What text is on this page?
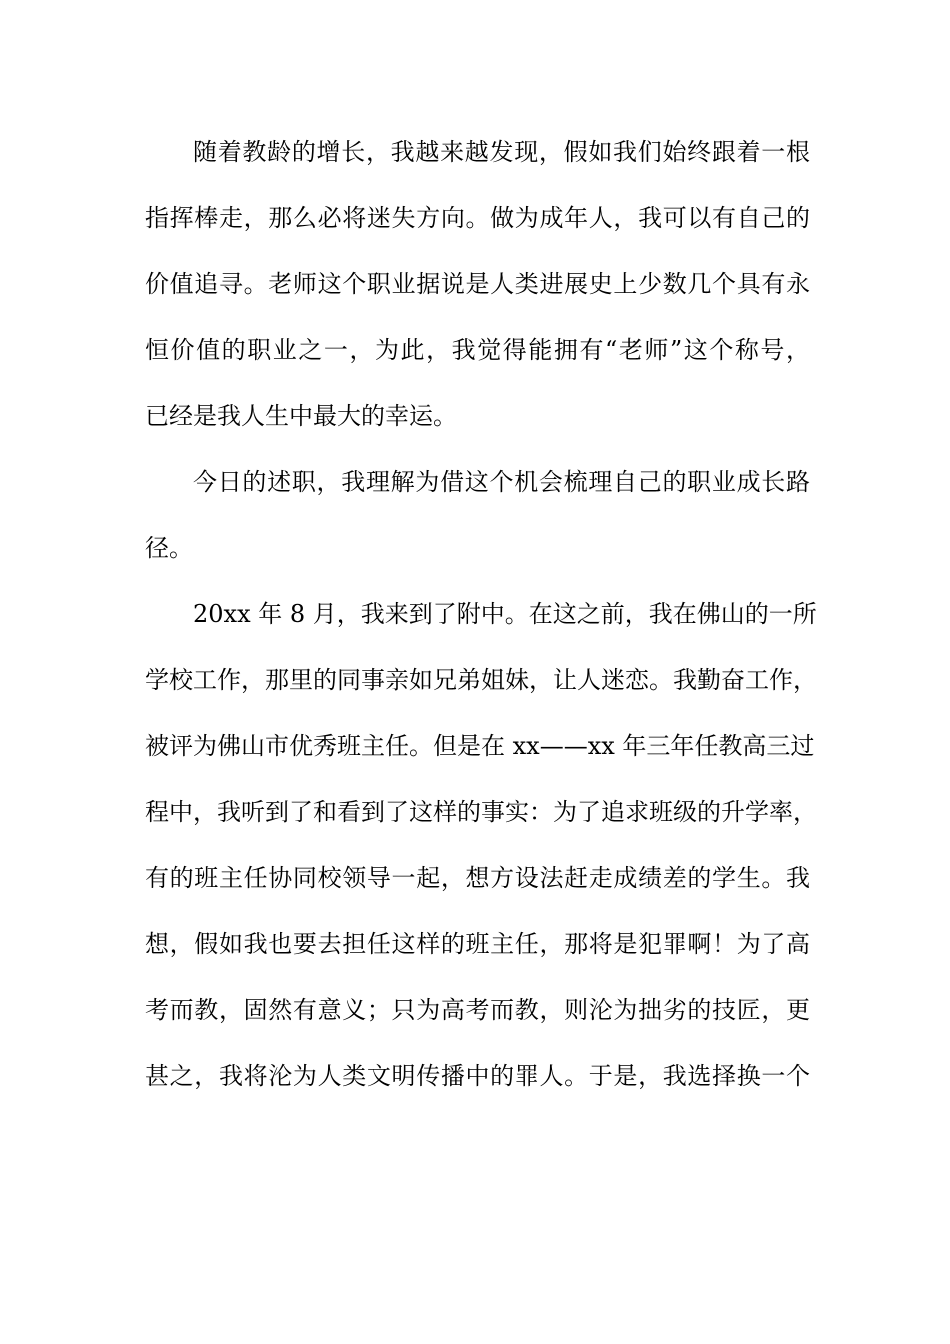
随着教龄的增长，我越来越发现，假如我们始终跟着一根
指挥棒走，那么必将迷失方向。做为成年人，我可以有自己的
价值追寻。老师这个职业据说是人类进展史上少数几个具有永
恒价值的职业之一，为此，我觉得能拥有“老师”这个称号，
已经是我人生中最大的幸运。
今日的述职，我理解为借这个机会梳理自己的职业成长路
径。
20xx 年 8 月，我来到了附中。在这之前，我在佛山的一所
学校工作，那里的同事亲如兄弟姐妹，让人迷恋。我勤奋工作，
被评为佛山市优秀班主任。但是在 xx——xx 年三年任教高三过
程中，我听到了和看到了这样的事实：为了追求班级的升学率，
有的班主任协同校领导一起，想方设法赶走成绩差的学生。我
想，假如我也要去担任这样的班主任，那将是犯罪啊！为了高
考而教，固然有意义；只为高考而教，则沦为拙劣的技匠，更
甚之，我将沦为人类文明传播中的罪人。于是，我选择换一个
